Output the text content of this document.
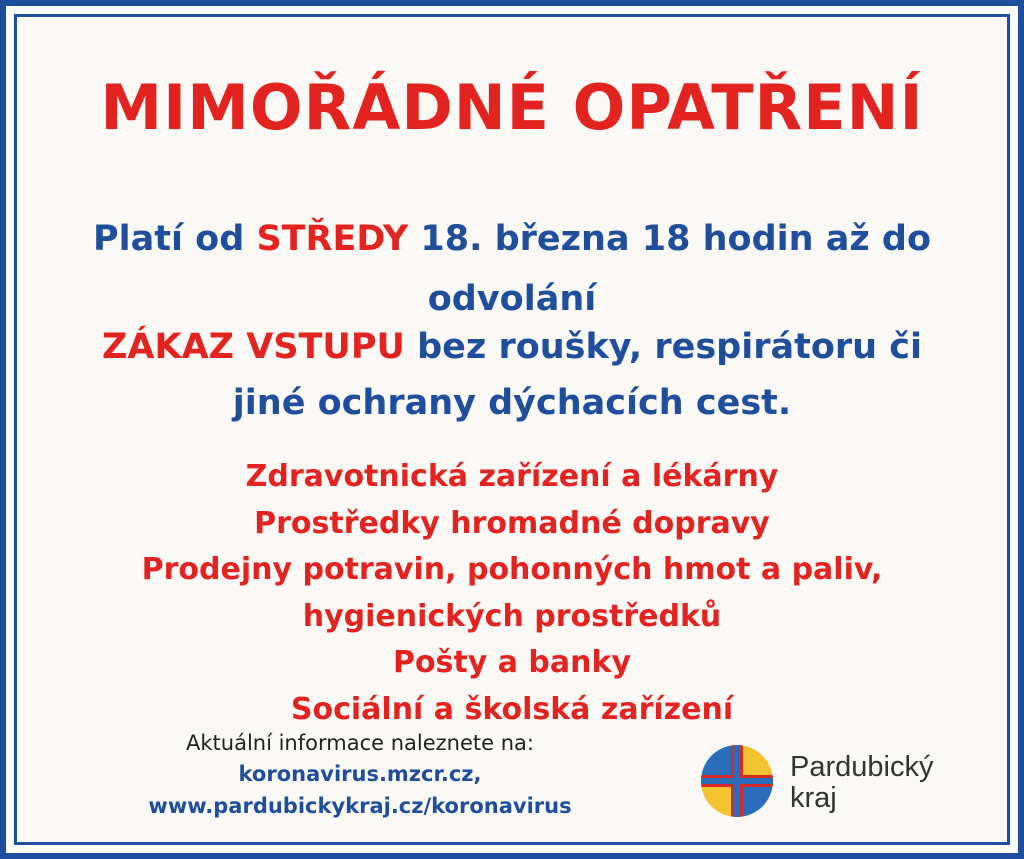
MIMOŘÁDNÉ OPATŘENÍ
Platí od STŘEDY 18. března 18 hodin až do
odvolání
ZÁKAZ VSTUPU bez roušky, respirátoru či
jiné ochrany dýchacích cest.
Zdravotnická zařízení a lékárny
Prostředky hromadné dopravy
Prodejny potravin, pohonných hmot a paliv,
hygienických prostředků
Pošty a banky
Sociální a školská zařízení
Aktuální informace naleznete na:
koronavirus.mzcr.cz,
www.pardubickykraj.cz/koronavirus
Pardubický
kraj
